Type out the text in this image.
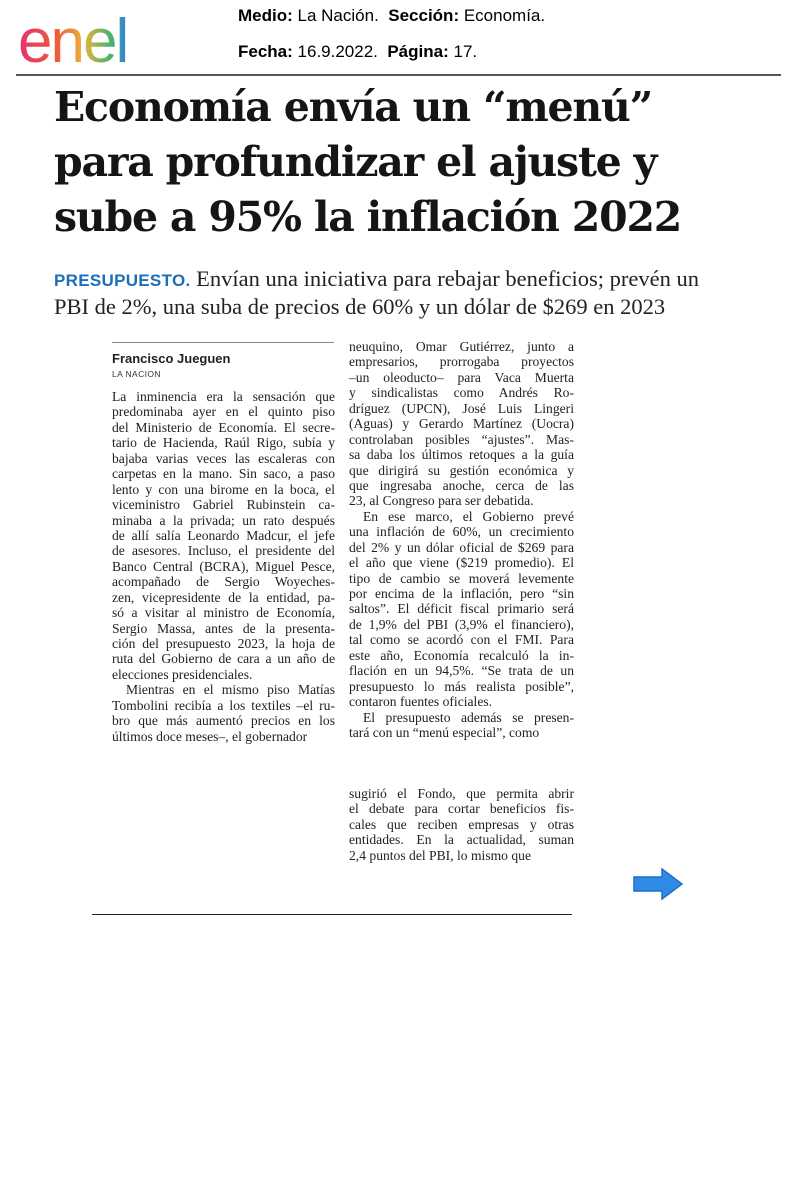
enel	Medio: La Nación. Sección: Economía.
Fecha: 16.9.2022. Página: 17.
Economía envía un “menú”
para profundizar el ajuste y
sube a 95% la inflación 2022
PRESUPUESTO. Envían una iniciativa para rebajar beneficios; prevén un
PBI de 2%, una suba de precios de 60% y un dólar de $269 en 2023
Francisco Jueguen
LA NACION
La inminencia era la sensación que
predominaba ayer en el quinto piso
del Ministerio de Economía. El secre-
tario de Hacienda, Raúl Rigo, subía y
bajaba varias veces las escaleras con
carpetas en la mano. Sin saco, a paso
lento y con una birome en la boca, el
viceministro Gabriel Rubinstein ca-
minaba a la privada; un rato después
de allí salía Leonardo Madcur, el jefe
de asesores. Incluso, el presidente del
Banco Central (BCRA), Miguel Pesce,
acompañado de Sergio Woyeches-
zen, vicepresidente de la entidad, pa-
só a visitar al ministro de Economía,
Sergio Massa, antes de la presenta-
ción del presupuesto 2023, la hoja de
ruta del Gobierno de cara a un año de
elecciones presidenciales.
Mientras en el mismo piso Matías
Tombolini recibía a los textiles –el ru-
bro que más aumentó precios en los
últimos doce meses–, el gobernador
neuquino, Omar Gutiérrez, junto a
empresarios, prorrogaba proyectos
–un oleoducto– para Vaca Muerta
y sindicalistas como Andrés Ro-
dríguez (UPCN), José Luis Lingeri
(Aguas) y Gerardo Martínez (Uocra)
controlaban posibles “ajustes”. Mas-
sa daba los últimos retoques a la guía
que dirigirá su gestión económica y
que ingresaba anoche, cerca de las
23, al Congreso para ser debatida.
En ese marco, el Gobierno prevé
una inflación de 60%, un crecimiento
del 2% y un dólar oficial de $269 para
el año que viene ($219 promedio). El
tipo de cambio se moverá levemente
por encima de la inflación, pero “sin
saltos”. El déficit fiscal primario será
de 1,9% del PBI (3,9% el financiero),
tal como se acordó con el FMI. Para
este año, Economía recalculó la in-
flación en un 94,5%. “Se trata de un
presupuesto lo más realista posible”,
contaron fuentes oficiales.
El presupuesto además se presen-
tará con un “menú especial”, como
sugirió el Fondo, que permita abrir
el debate para cortar beneficios fis-
cales que reciben empresas y otras
entidades. En la actualidad, suman
2,4 puntos del PBI, lo mismo que
